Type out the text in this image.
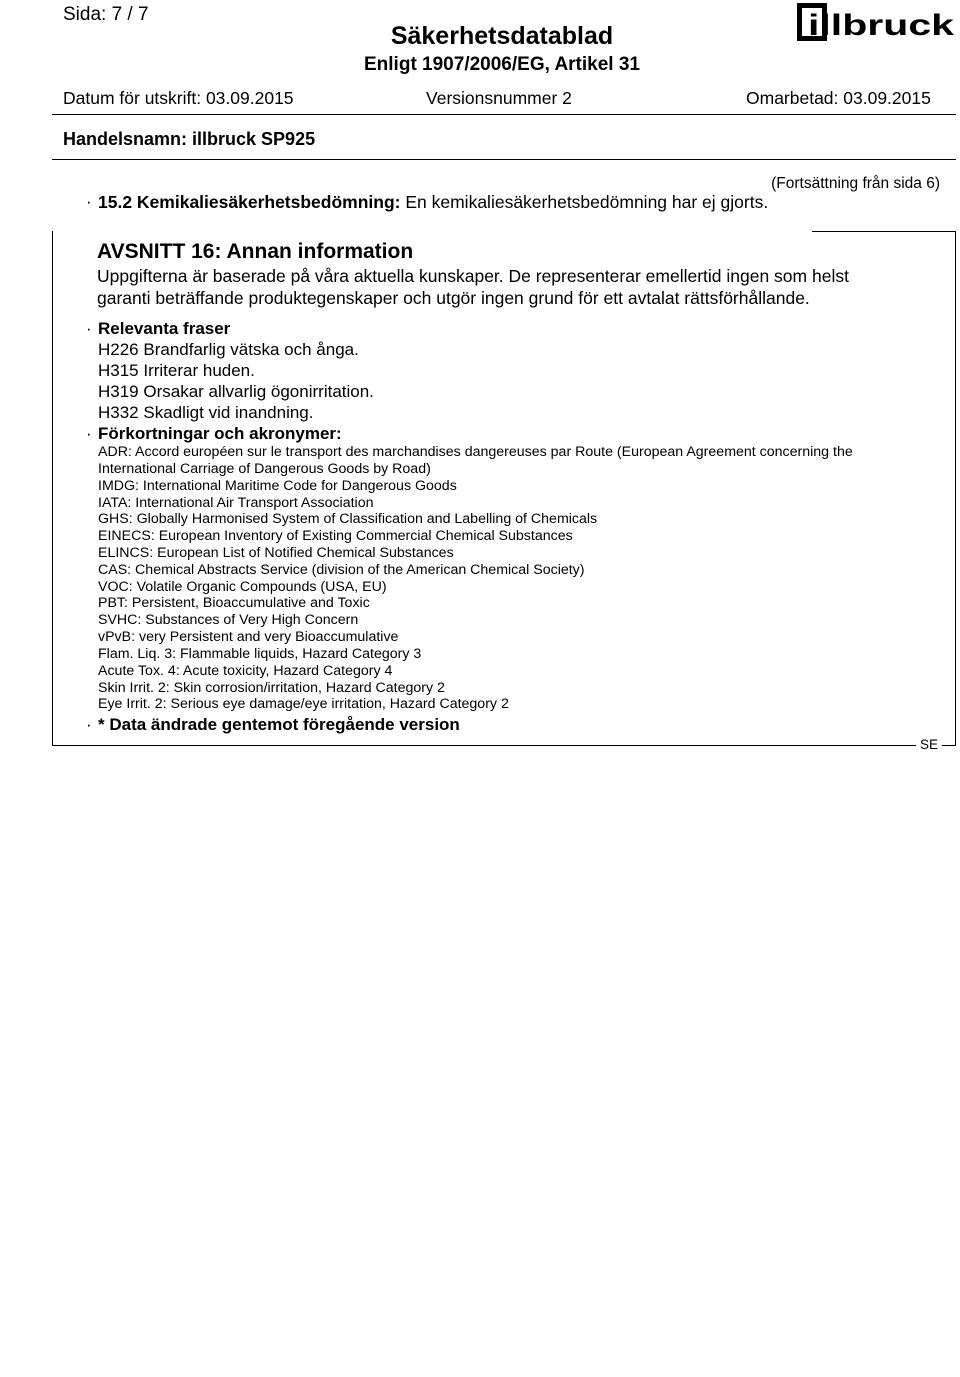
Sida: 7 / 7
Säkerhetsdatablad
Enligt 1907/2006/EG, Artikel 31
illbruck
Datum för utskrift: 03.09.2015	Versionsnummer 2	Omarbetad: 03.09.2015
Handelsnamn: illbruck SP925
(Fortsättning från sida 6)
· 15.2 Kemikaliesäkerhetsbedömning: En kemikaliesäkerhetsbedömning har ej gjorts.
AVSNITT 16: Annan information
Uppgifterna är baserade på våra aktuella kunskaper. De representerar emellertid ingen som helst
garanti beträffande produktegenskaper och utgör ingen grund för ett avtalat rättsförhållande.
· Relevanta fraser
H226 Brandfarlig vätska och ånga.
H315 Irriterar huden.
H319 Orsakar allvarlig ögonirritation.
H332 Skadligt vid inandning.
· Förkortningar och akronymer:
ADR: Accord européen sur le transport des marchandises dangereuses par Route (European Agreement concerning the
International Carriage of Dangerous Goods by Road)
IMDG: International Maritime Code for Dangerous Goods
IATA: International Air Transport Association
GHS: Globally Harmonised System of Classification and Labelling of Chemicals
EINECS: European Inventory of Existing Commercial Chemical Substances
ELINCS: European List of Notified Chemical Substances
CAS: Chemical Abstracts Service (division of the American Chemical Society)
VOC: Volatile Organic Compounds (USA, EU)
PBT: Persistent, Bioaccumulative and Toxic
SVHC: Substances of Very High Concern
vPvB: very Persistent and very Bioaccumulative
Flam. Liq. 3: Flammable liquids, Hazard Category 3
Acute Tox. 4: Acute toxicity, Hazard Category 4
Skin Irrit. 2: Skin corrosion/irritation, Hazard Category 2
Eye Irrit. 2: Serious eye damage/eye irritation, Hazard Category 2
· * Data ändrade gentemot föregående version
SE
